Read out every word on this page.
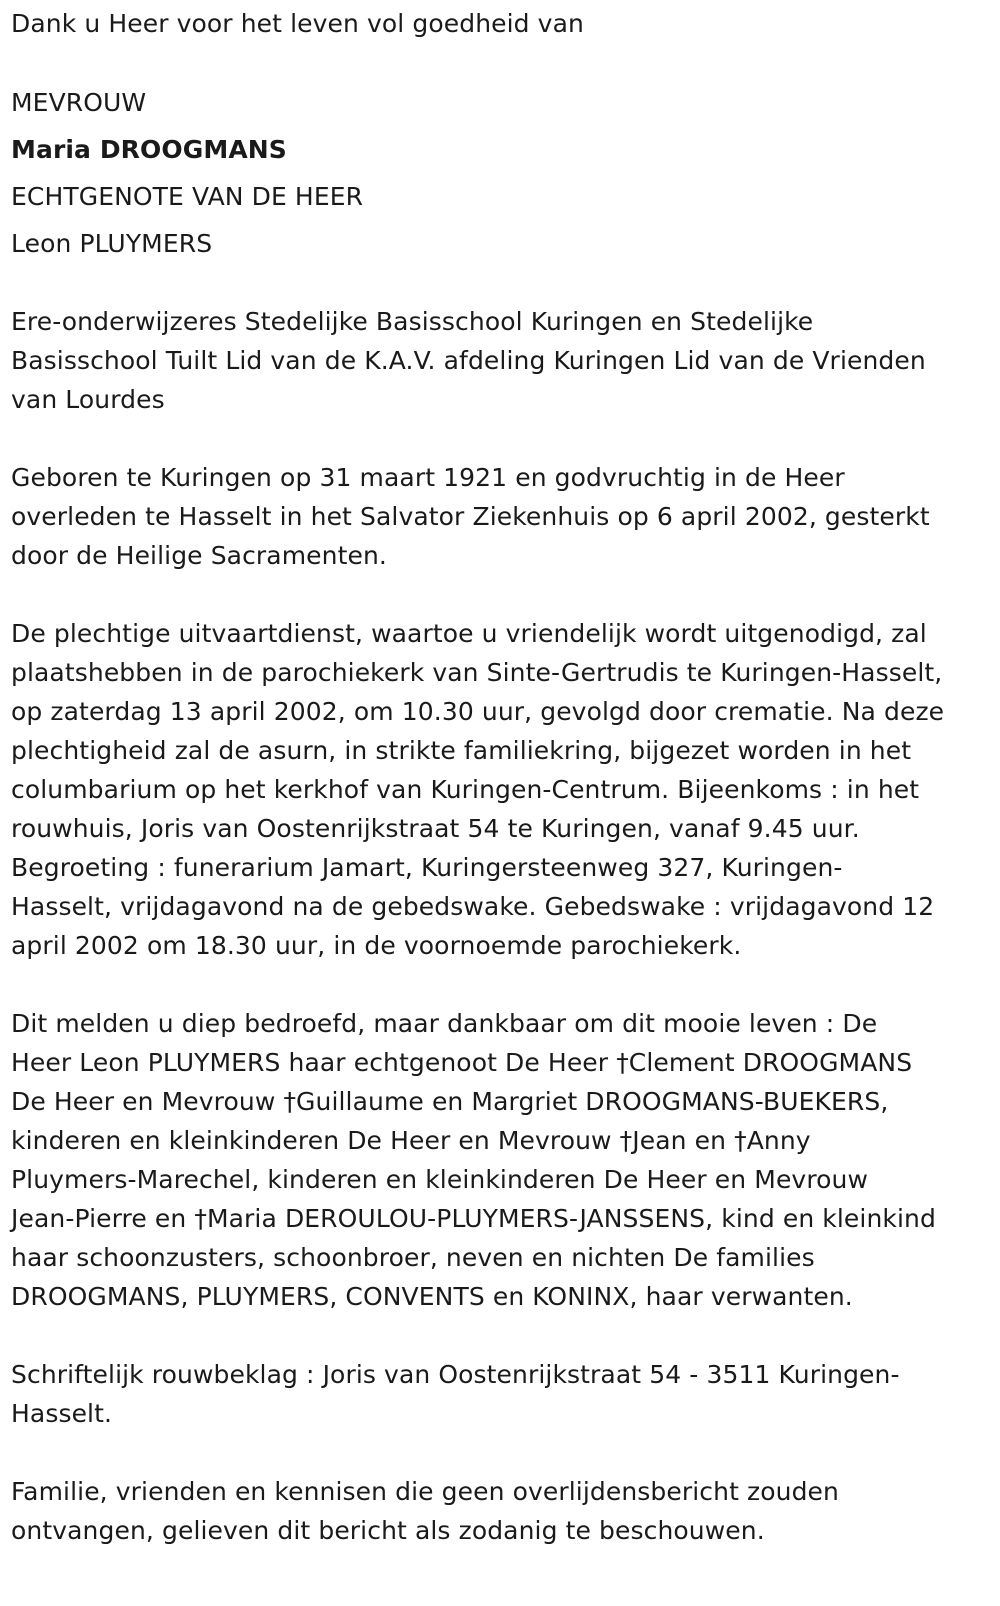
Dank u Heer voor het leven vol goedheid van
MEVROUW
Maria DROOGMANS
ECHTGENOTE VAN DE HEER
Leon PLUYMERS
Ere-onderwijzeres Stedelijke Basisschool Kuringen en Stedelijke
Basisschool Tuilt Lid van de K.A.V. afdeling Kuringen Lid van de Vrienden
van Lourdes
Geboren te Kuringen op 31 maart 1921 en godvruchtig in de Heer
overleden te Hasselt in het Salvator Ziekenhuis op 6 april 2002, gesterkt
door de Heilige Sacramenten.
De plechtige uitvaartdienst, waartoe u vriendelijk wordt uitgenodigd, zal
plaatshebben in de parochiekerk van Sinte-Gertrudis te Kuringen-Hasselt,
op zaterdag 13 april 2002, om 10.30 uur, gevolgd door crematie. Na deze
plechtigheid zal de asurn, in strikte familiekring, bijgezet worden in het
columbarium op het kerkhof van Kuringen-Centrum. Bijeenkoms : in het
rouwhuis, Joris van Oostenrijkstraat 54 te Kuringen, vanaf 9.45 uur.
Begroeting : funerarium Jamart, Kuringersteenweg 327, Kuringen-
Hasselt, vrijdagavond na de gebedswake. Gebedswake : vrijdagavond 12
april 2002 om 18.30 uur, in de voornoemde parochiekerk.
Dit melden u diep bedroefd, maar dankbaar om dit mooie leven : De
Heer Leon PLUYMERS haar echtgenoot De Heer †Clement DROOGMANS
De Heer en Mevrouw †Guillaume en Margriet DROOGMANS-BUEKERS,
kinderen en kleinkinderen De Heer en Mevrouw †Jean en †Anny
Pluymers-Marechel, kinderen en kleinkinderen De Heer en Mevrouw
Jean-Pierre en †Maria DEROULOU-PLUYMERS-JANSSENS, kind en kleinkind
haar schoonzusters, schoonbroer, neven en nichten De families
DROOGMANS, PLUYMERS, CONVENTS en KONINX, haar verwanten.
Schriftelijk rouwbeklag : Joris van Oostenrijkstraat 54 - 3511 Kuringen-
Hasselt.
Familie, vrienden en kennisen die geen overlijdensbericht zouden
ontvangen, gelieven dit bericht als zodanig te beschouwen.
